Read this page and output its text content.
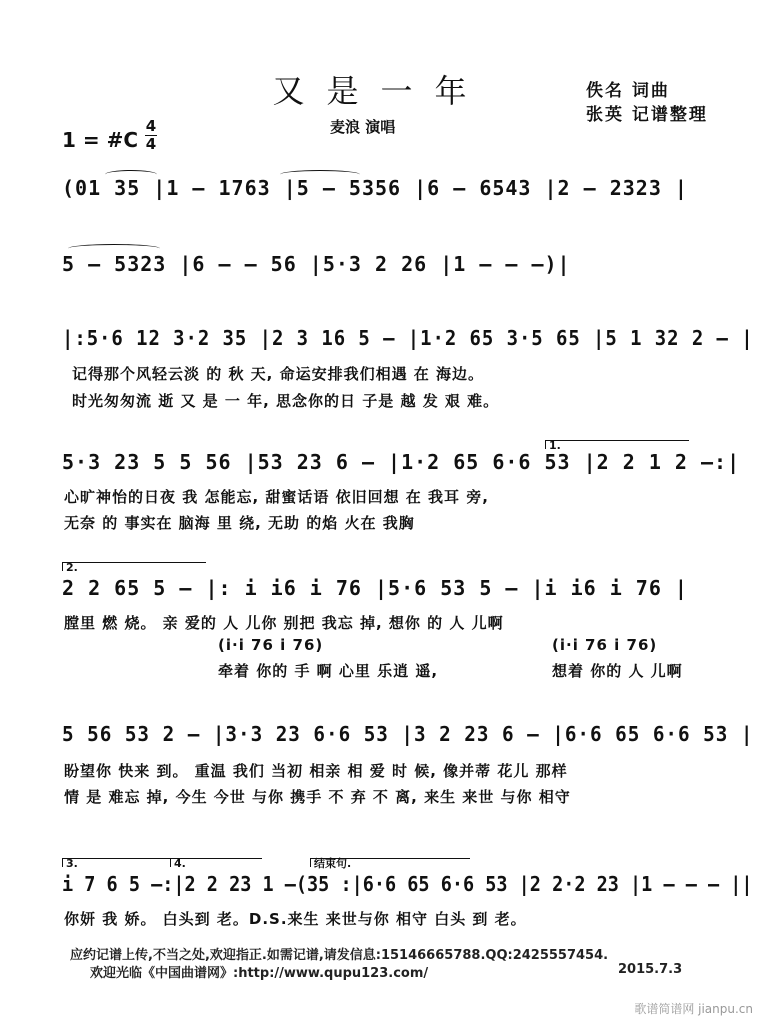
又是一年	佚名 词曲
张英 记谱整理
麦浪 演唱
1 = #C
4
4
(01 35 |1 — 1763 |5 — 5356 |6 — 6543 |2 — 2323 |
5 — 5323 |6 — — 56 |5·3 2 26 |1 — — —)|
|:5·6 12 3·2 35 |2 3 16 5 — |1·2 65 3·5 65 |5 1 32 2 — |
记得那个风轻云淡 的 秋 天, 命运安排我们相遇 在 海边。
时光匆匆流 逝 又 是 一 年, 思念你的日 子是 越 发 艰 难。
5·3 23 5 5 56 |53 23 6 — |1·2 65 6·6 53 |2 2 1 2 —:|
1.
心旷神怡的日夜 我 怎能忘, 甜蜜话语 依旧回想 在 我耳 旁,
无奈 的 事实在 脑海 里 绕, 无助 的焰 火在 我胸
2.
2 2 65 5 — |: i i6 i 76 |5·6 53 5 — |i i6 i 76 |
膛里 燃 烧。 亲 爱的 人 儿你 别把 我忘 掉, 想你 的 人 儿啊
(i·i 76 i 76)
牵着 你的 手 啊 心里 乐逍 遥,
(i·i 76 i 76)
想着 你的 人 儿啊
5 56 53 2 — |3·3 23 6·6 53 |3 2 23 6 — |6·6 65 6·6 53 |
盼望你 快来 到。 重温 我们 当初 相亲 相 爱 时 候, 像并蒂 花儿 那样
情 是 难忘 掉, 今生 今世 与你 携手 不 弃 不 离, 来生 来世 与你 相守
3.	4.	结束句.
i 7 6 5 —:|2 2 23 1 —(35 :|6·6 65 6·6 53 |2 2·2 23 |1 — — — ||
你妍 我 娇。 白头到 老。D.S.来生 来世与你 相守 白头 到 老。
应约记谱上传,不当之处,欢迎指正.如需记谱,请发信息:15146665788.QQ:2425557454.
欢迎光临《中国曲谱网》:http://www.qupu123.com/	2015.7.3
歌谱简谱网 jianpu.cn
